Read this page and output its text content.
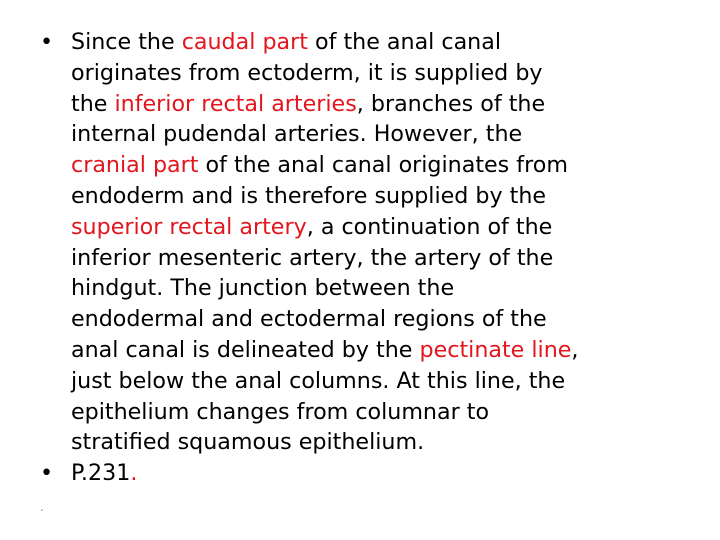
• Since the caudal part of the anal canal
originates from ectoderm, it is supplied by
the inferior rectal arteries, branches of the
internal pudendal arteries. However, the
cranial part of the anal canal originates from
endoderm and is therefore supplied by the
superior rectal artery, a continuation of the
inferior mesenteric artery, the artery of the
hindgut. The junction between the
endodermal and ectodermal regions of the
anal canal is delineated by the pectinate line,
just below the anal columns. At this line, the
epithelium changes from columnar to
stratified squamous epithelium.
• P.231.
.
